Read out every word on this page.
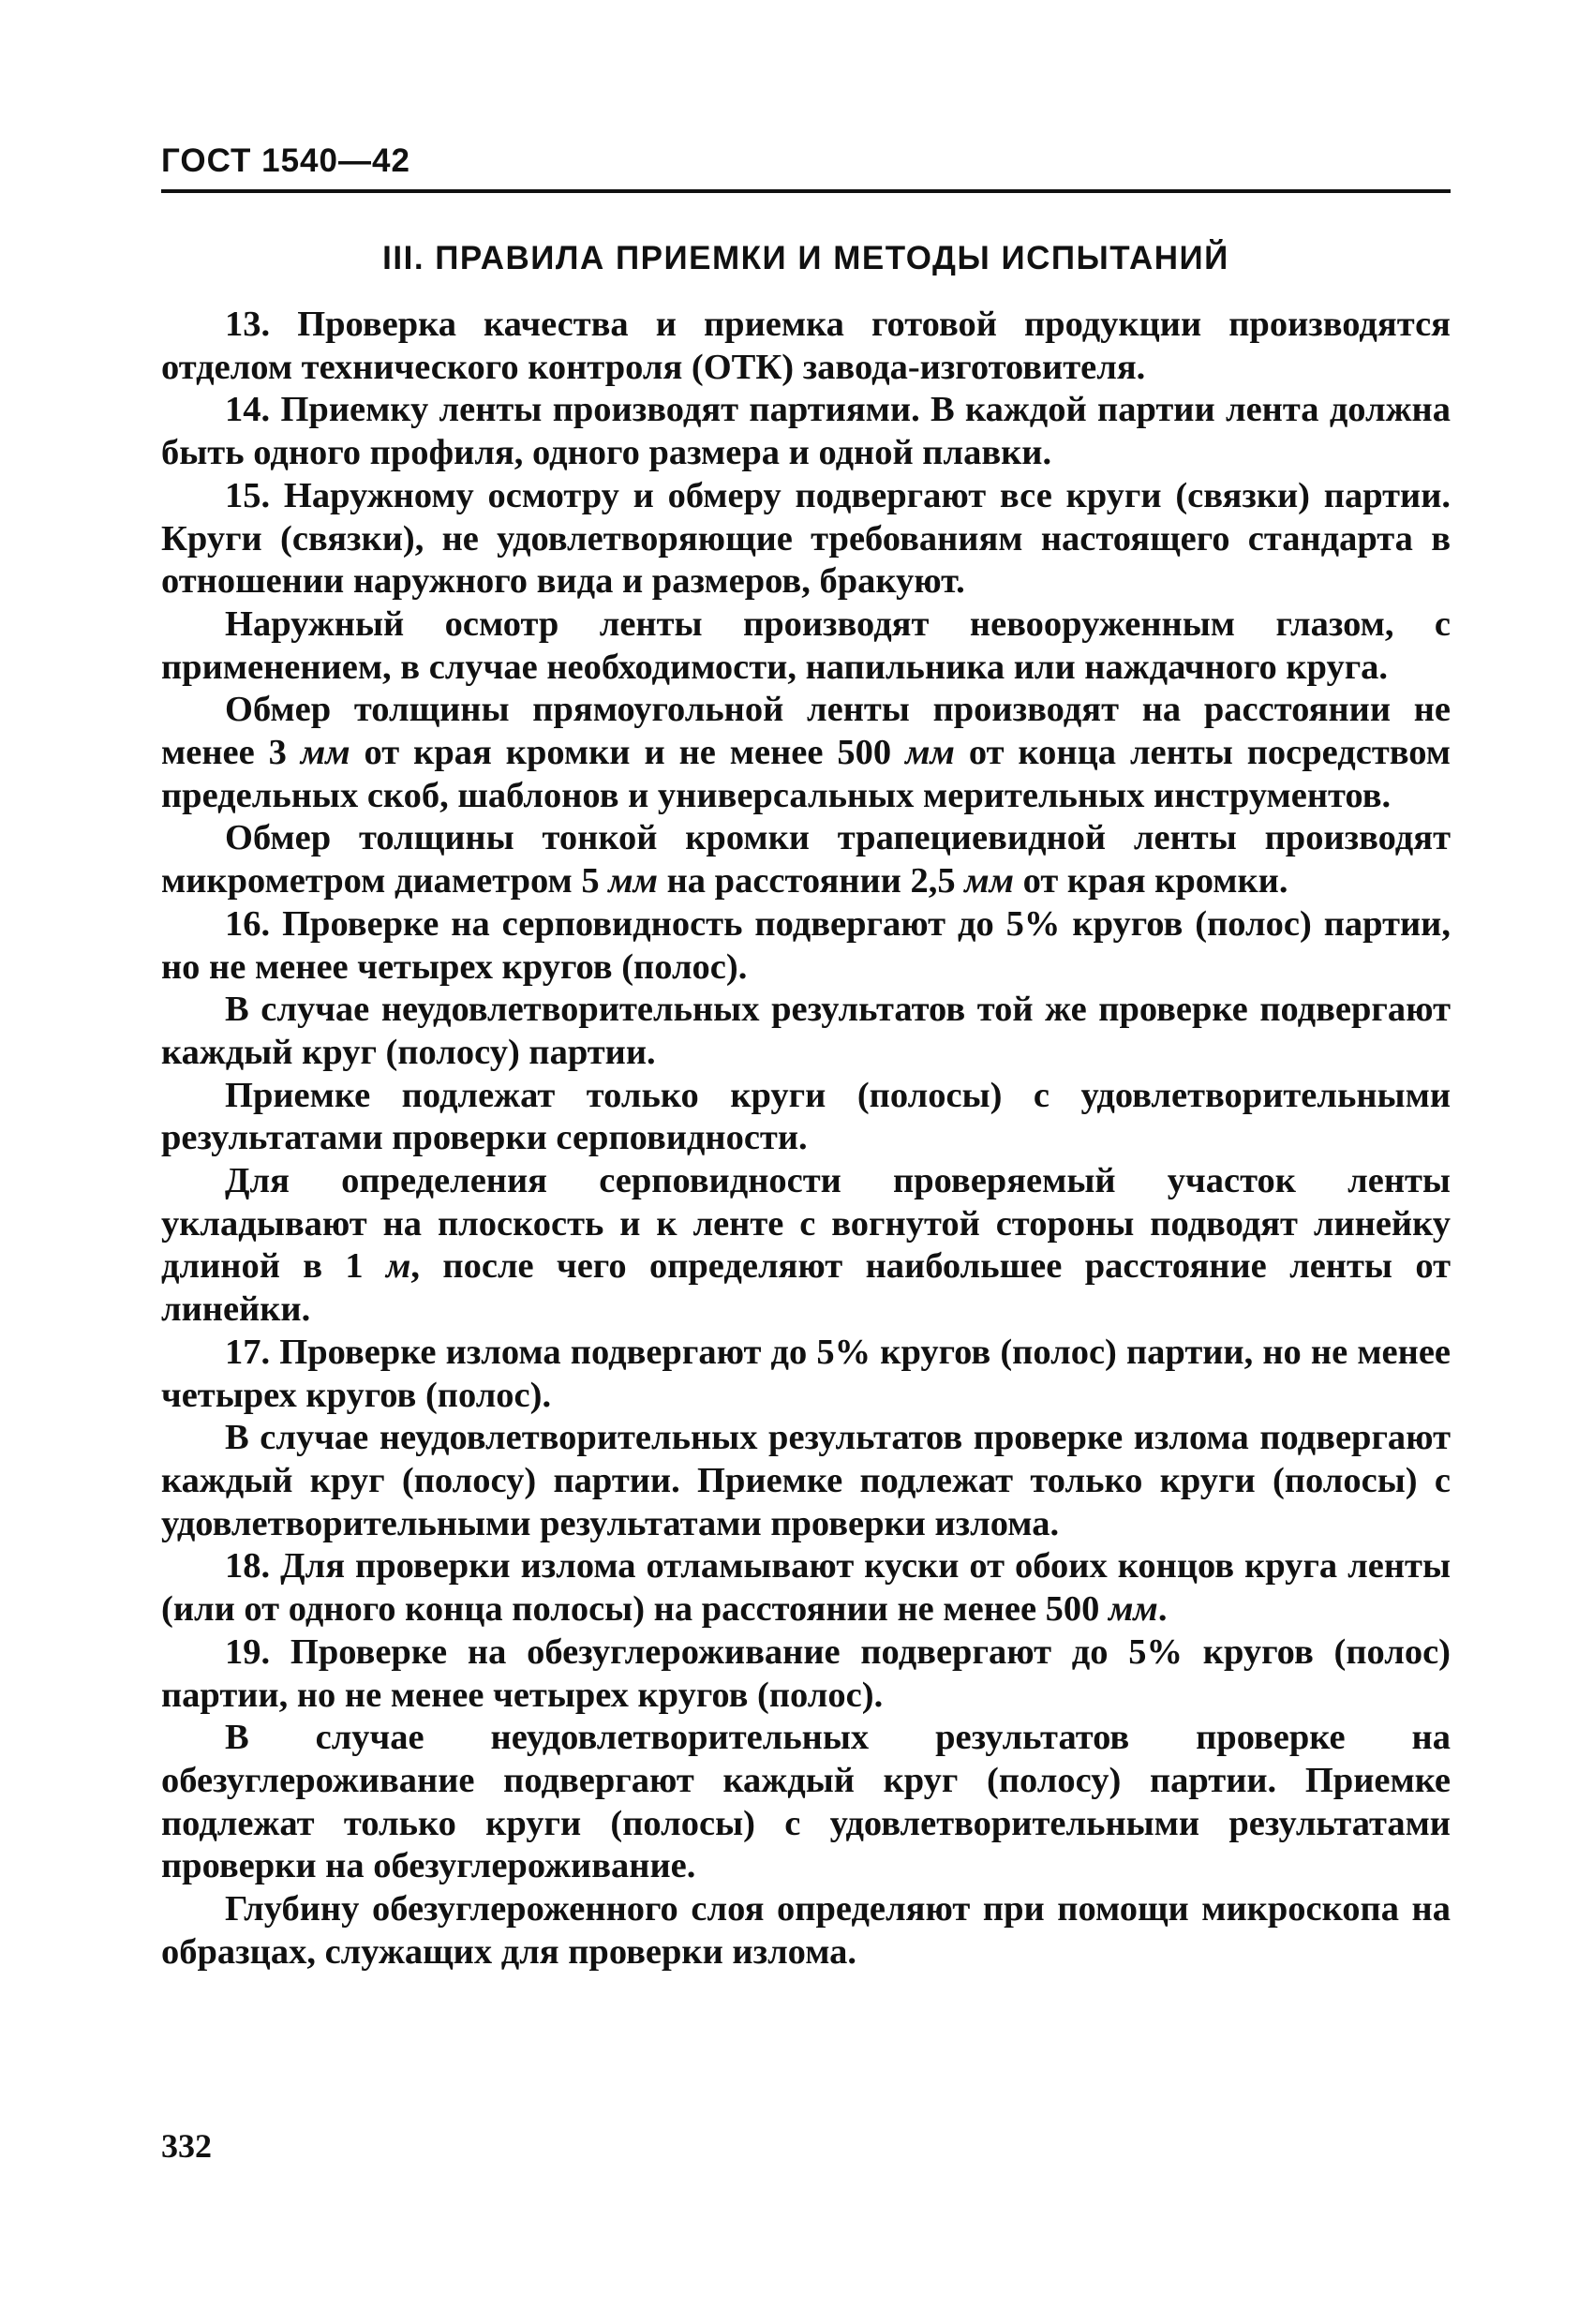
ГОСТ 1540—42
III. ПРАВИЛА ПРИЕМКИ И МЕТОДЫ ИСПЫТАНИЙ

13. Проверка качества и приемка готовой продукции производятся отделом технического контроля (ОТК) завода-изготовителя.

14. Приемку ленты производят партиями. В каждой партии лента должна быть одного профиля, одного размера и одной плавки.

15. Наружному осмотру и обмеру подвергают все круги (связки) партии. Круги (связки), не удовлетворяющие требованиям настоящего стандарта в отношении наружного вида и размеров, бракуют.

Наружный осмотр ленты производят невооруженным глазом, с применением, в случае необходимости, напильника или наждачного круга.

Обмер толщины прямоугольной ленты производят на расстоянии не менее 3 мм от края кромки и не менее 500 мм от конца ленты посредством предельных скоб, шаблонов и универсальных мерительных инструментов.

Обмер толщины тонкой кромки трапециевидной ленты производят микрометром диаметром 5 мм на расстоянии 2,5 мм от края кромки.

16. Проверке на серповидность подвергают до 5% кругов (полос) партии, но не менее четырех кругов (полос).

В случае неудовлетворительных результатов той же проверке подвергают каждый круг (полосу) партии.

Приемке подлежат только круги (полосы) с удовлетворительными результатами проверки серповидности.

Для определения серповидности проверяемый участок ленты укладывают на плоскость и к ленте с вогнутой стороны подводят линейку длиной в 1 м, после чего определяют наибольшее расстояние ленты от линейки.

17. Проверке излома подвергают до 5% кругов (полос) партии, но не менее четырех кругов (полос).

В случае неудовлетворительных результатов проверке излома подвергают каждый круг (полосу) партии. Приемке подлежат только круги (полосы) с удовлетворительными результатами проверки излома.

18. Для проверки излома отламывают куски от обоих концов круга ленты (или от одного конца полосы) на расстоянии не менее 500 мм.

19. Проверке на обезуглероживание подвергают до 5% кругов (полос) партии, но не менее четырех кругов (полос).

В случае неудовлетворительных результатов проверке на обезуглероживание подвергают каждый круг (полосу) партии. Приемке подлежат только круги (полосы) с удовлетворительными результатами проверки на обезуглероживание.

Глубину обезуглероженного слоя определяют при помощи микроскопа на образцах, служащих для проверки излома.

332
